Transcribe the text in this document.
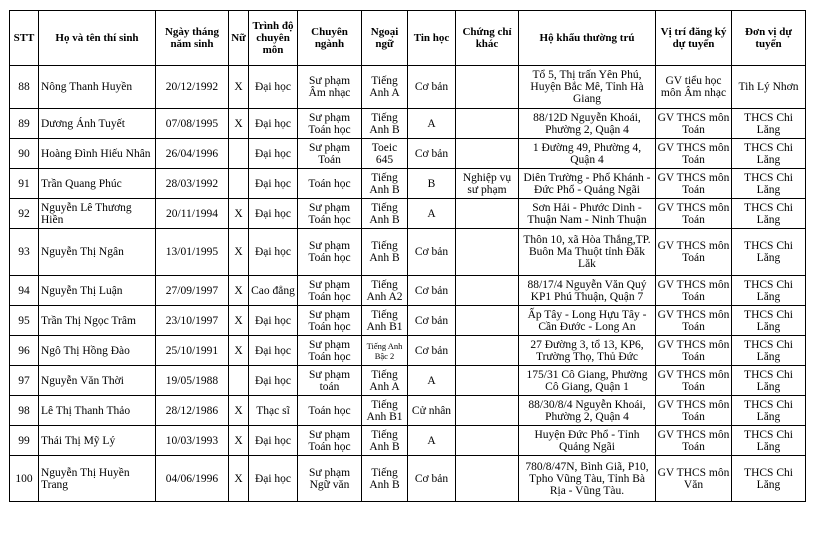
STT	Họ và tên thí sinh	Ngày tháng năm sinh	Nữ	Trình độ chuyên môn	Chuyên ngành	Ngoại ngữ	Tin học	Chứng chỉ khác	Hộ khẩu thường trú	Vị trí đăng ký dự tuyển	Đơn vị dự tuyển
88	Nông Thanh Huyền	20/12/1992	X	Đại học	Sư phạm Âm nhạc	Tiếng Anh A	Cơ bản		Tổ 5, Thị trấn Yên Phú, Huyện Bắc Mê, Tỉnh Hà Giang	GV tiểu học môn Âm nhạc	Tih Lý Nhơn
89	Dương Ánh Tuyết	07/08/1995	X	Đại học	Sư phạm Toán học	Tiếng Anh B	A		88/12D Nguyễn Khoái, Phường 2, Quận 4	GV THCS môn Toán	THCS Chi Lăng
90	Hoàng Đình Hiếu Nhân	26/04/1996		Đại học	Sư phạm Toán	Toeic 645	Cơ bản		1 Đường 49, Phường 4, Quận 4	GV THCS môn Toán	THCS Chi Lăng
91	Trần Quang Phúc	28/03/1992		Đại học	Toán học	Tiếng Anh B	B	Nghiệp vụ sư phạm	Diên Trường - Phổ Khánh - Đức Phổ - Quảng Ngãi	GV THCS môn Toán	THCS Chi Lăng
92	Nguyễn Lê Thương Hiền	20/11/1994	X	Đại học	Sư phạm Toán học	Tiếng Anh B	A		Sơn Hải - Phước Dinh - Thuận Nam - Ninh Thuận	GV THCS môn Toán	THCS Chi Lăng
93	Nguyễn Thị Ngân	13/01/1995	X	Đại học	Sư phạm Toán học	Tiếng Anh B	Cơ bản		Thôn 10, xã Hòa Thắng,TP. Buôn Ma Thuột tỉnh Đăk Lăk	GV THCS môn Toán	THCS Chi Lăng
94	Nguyễn Thị Luận	27/09/1997	X	Cao đẳng	Sư phạm Toán học	Tiếng Anh A2	Cơ bản		88/17/4 Nguyễn Văn Quý KP1 Phú Thuận, Quận 7	GV THCS môn Toán	THCS Chi Lăng
95	Trần Thị Ngọc Trâm	23/10/1997	X	Đại học	Sư phạm Toán học	Tiếng Anh B1	Cơ bản		Ấp Tây - Long Hựu Tây - Cần Đước - Long An	GV THCS môn Toán	THCS Chi Lăng
96	Ngô Thị Hồng Đào	25/10/1991	X	Đại học	Sư phạm Toán học	Tiếng Anh Bậc 2	Cơ bản		27 Đường 3, tổ 13, KP6, Trường Thọ, Thủ Đức	GV THCS môn Toán	THCS Chi Lăng
97	Nguyễn Văn Thời	19/05/1988		Đại học	Sư phạm toán	Tiếng Anh A	A		175/31 Cô Giang, Phường Cô Giang, Quận 1	GV THCS môn Toán	THCS Chi Lăng
98	Lê Thị Thanh Thảo	28/12/1986	X	Thạc sĩ	Toán học	Tiếng Anh B1	Cử nhân		88/30/8/4 Nguyễn Khoái, Phường 2, Quận 4	GV THCS môn Toán	THCS Chi Lăng
99	Thái Thị Mỹ Lý	10/03/1993	X	Đại học	Sư phạm Toán học	Tiếng Anh B	A		Huyện Đức Phổ - Tỉnh Quảng Ngãi	GV THCS môn Toán	THCS Chi Lăng
100	Nguyễn Thị Huyền Trang	04/06/1996	X	Đại học	Sư phạm Ngữ văn	Tiếng Anh B	Cơ bản		780/8/47N, Bình Giã, P10, Tpho Vũng Tàu, Tỉnh Bà Rịa - Vũng Tàu.	GV THCS môn Văn	THCS Chi Lăng
